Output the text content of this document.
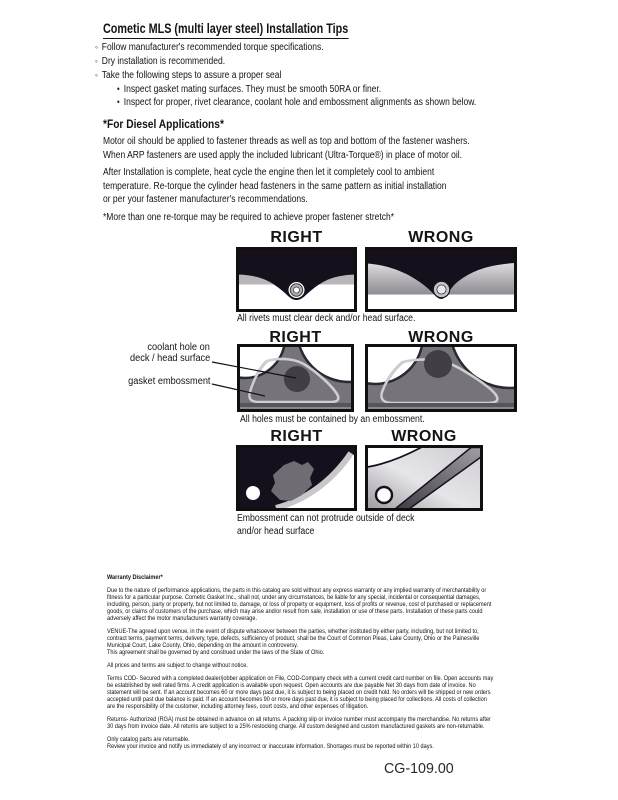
Cometic MLS (multi layer steel) Installation Tips
◦ Follow manufacturer's recommended torque specifications.
◦ Dry installation is recommended.
◦ Take the following steps to assure a proper seal
• Inspect gasket mating surfaces. They must be smooth 50RA or finer.
• Inspect for proper, rivet clearance, coolant hole and embossment alignments as shown below.
*For Diesel Applications*
Motor oil should be applied to fastener threads as well as top and bottom of the fastener washers.
When ARP fasteners are used apply the included lubricant (Ultra-Torque®) in place of motor oil.
After Installation is complete, heat cycle the engine then let it completely cool to ambient
temperature. Re-torque the cylinder head fasteners in the same pattern as initial installation
or per your fastener manufacturer's recommendations.
*More than one re-torque may be required to achieve proper fastener stretch*
RIGHT	WRONG
All rivets must clear deck and/or head surface.
RIGHT	WRONG
coolant hole on
deck / head surface
gasket embossment
All holes must be contained by an embossment.
RIGHT	WRONG
Embossment can not protrude outside of deck
and/or head surface
Warranty Disclaimer*
Due to the nature of performance applications, the parts in this catalog are sold without any express warranty or any implied warranty of merchantability or
fitness for a particular purpose. Cometic Gasket Inc., shall not, under any circumstances, be liable for any special, incidental or consequential damages,
including, person, party or property, but not limited to, damage, or loss of property or equipment, loss of profits or revenue, cost of purchased or replacement
goods, or claims of customers of the purchase, which may arise and/or result from sale, installation or use of these parts. Installation of these parts could
adversely affect the motor manufacturers warranty coverage.
VENUE-The agreed upon venue, in the event of dispute whatsoever between the parties, whether instituted by either party, including, but not limited to,
contract terms, payment terms, delivery, type, defects, sufficiency of product, shall be the Court of Common Pleas, Lake County, Ohio or the Painesville
Municipal Court, Lake County, Ohio, depending on the amount in controversy.
This agreement shall be governed by and construed under the laws of the State of Ohio.
All prices and terms are subject to change without notice.
Terms COD- Secured with a completed dealer/jobber application on File, COD-Company check with a current credit card number on file. Open accounts may
be established by well rated firms. A credit application is available upon request. Open accounts are due payable Net 30 days from date of invoice. No
statement will be sent. If an account becomes 60 or more days past due, it is subject to being placed on credit hold. No orders will be shipped or new orders
accepted until past due balance is paid. If an account becomes 90 or more days past due, it is subject to being placed for collections. All costs of collection
are the responsibility of the customer, including attorney fees, court costs, and other expenses of litigation.
Returns- Authorized (RGA) must be obtained in advance on all returns. A packing slip or invoice number must accompany the merchandise. No returns after
30 days from invoice date. All returns are subject to a 25% restocking charge. All custom designed and custom manufactured gaskets are non-returnable.
Only catalog parts are returnable.
Review your invoice and notify us immediately of any incorrect or inaccurate information. Shortages must be reported within 10 days.
CG-109.00
